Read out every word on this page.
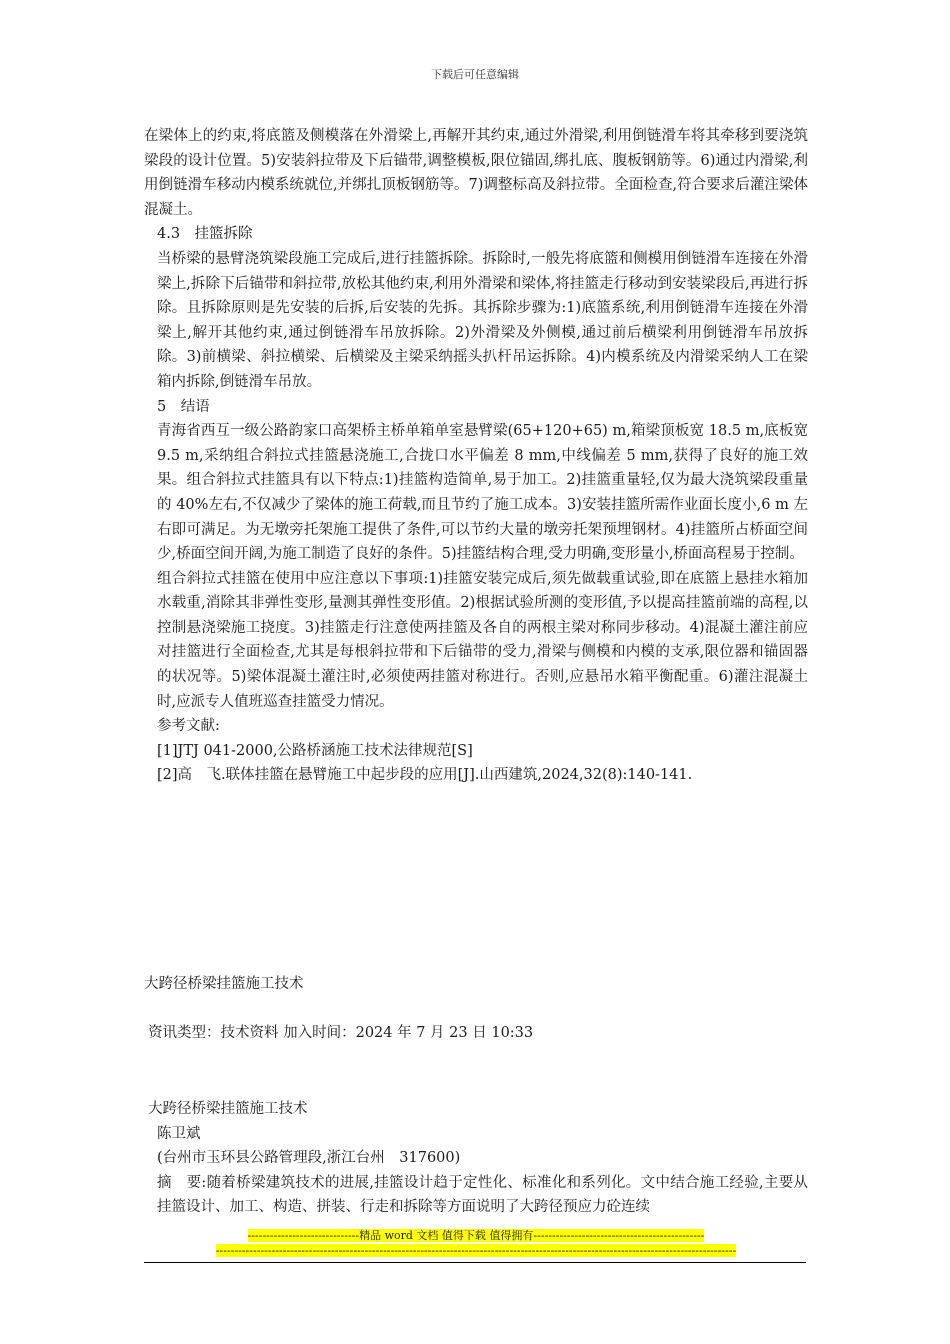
下载后可任意编辑

在梁体上的约束,将底篮及侧模落在外滑梁上,再解开其约束,通过外滑梁,利用倒链滑车将其牵移到要浇筑梁段的设计位置。5)安装斜拉带及下后锚带,调整模板,限位锚固,绑扎底、腹板钢筋等。6)通过内滑梁,利用倒链滑车移动内模系统就位,并绑扎顶板钢筋等。7)调整标高及斜拉带。全面检查,符合要求后灌注梁体混凝土。

4.3　挂篮拆除

当桥梁的悬臂浇筑梁段施工完成后,进行挂篮拆除。拆除时,一般先将底篮和侧模用倒链滑车连接在外滑梁上,拆除下后锚带和斜拉带,放松其他约束,利用外滑梁和梁体,将挂篮走行移动到安装梁段后,再进行拆除。且拆除原则是先安装的后拆,后安装的先拆。其拆除步骤为:1)底篮系统,利用倒链滑车连接在外滑梁上,解开其他约束,通过倒链滑车吊放拆除。2)外滑梁及外侧模,通过前后横梁利用倒链滑车吊放拆除。3)前横梁、斜拉横梁、后横梁及主梁采纳摇头扒杆吊运拆除。4)内模系统及内滑梁采纳人工在梁箱内拆除,倒链滑车吊放。

5　结语

青海省西互一级公路韵家口高架桥主桥单箱单室悬臂梁(65+120+65) m,箱梁顶板宽 18.5 m,底板宽 9.5 m,采纳组合斜拉式挂篮悬浇施工,合拢口水平偏差 8 mm,中线偏差 5 mm,获得了良好的施工效果。组合斜拉式挂篮具有以下特点:1)挂篮构造简单,易于加工。2)挂篮重量轻,仅为最大浇筑梁段重量的 40%左右,不仅减少了梁体的施工荷载,而且节约了施工成本。3)安装挂篮所需作业面长度小,6 m 左右即可满足。为无墩旁托架施工提供了条件,可以节约大量的墩旁托架预埋钢材。4)挂篮所占桥面空间少,桥面空间开阔,为施工制造了良好的条件。5)挂篮结构合理,受力明确,变形量小,桥面高程易于控制。

组合斜拉式挂篮在使用中应注意以下事项:1)挂篮安装完成后,须先做载重试验,即在底篮上悬挂水箱加水载重,消除其非弹性变形,量测其弹性变形值。2)根据试验所测的变形值,予以提高挂篮前端的高程,以控制悬浇梁施工挠度。3)挂篮走行注意使两挂篮及各自的两根主梁对称同步移动。4)混凝土灌注前应对挂篮进行全面检查,尤其是每根斜拉带和下后锚带的受力,滑梁与侧模和内模的支承,限位器和锚固器的状况等。5)梁体混凝土灌注时,必须使两挂篮对称进行。否则,应悬吊水箱平衡配重。6)灌注混凝土时,应派专人值班巡查挂篮受力情况。

参考文献:

[1]JTJ 041-2000,公路桥涵施工技术法律规范[S]

[2]高　飞.联体挂篮在悬臂施工中起步段的应用[J].山西建筑,2024,32(8):140-141.

大跨径桥梁挂篮施工技术
资讯类型：技术资料 加入时间：2024 年 7 月 23 日 10:33

大跨径桥梁挂篮施工技术

陈卫斌

(台州市玉环县公路管理段,浙江台州　317600)

摘　要:随着桥梁建筑技术的进展,挂篮设计趋于定性化、标准化和系列化。文中结合施工经验,主要从挂篮设计、加工、构造、拼装、行走和拆除等方面说明了大跨径预应力砼连续

------------------------------精品 word 文档 值得下载 值得拥有----------------------------------------------
--------------------------------------------------------------------------------------------------------------------------------------------
